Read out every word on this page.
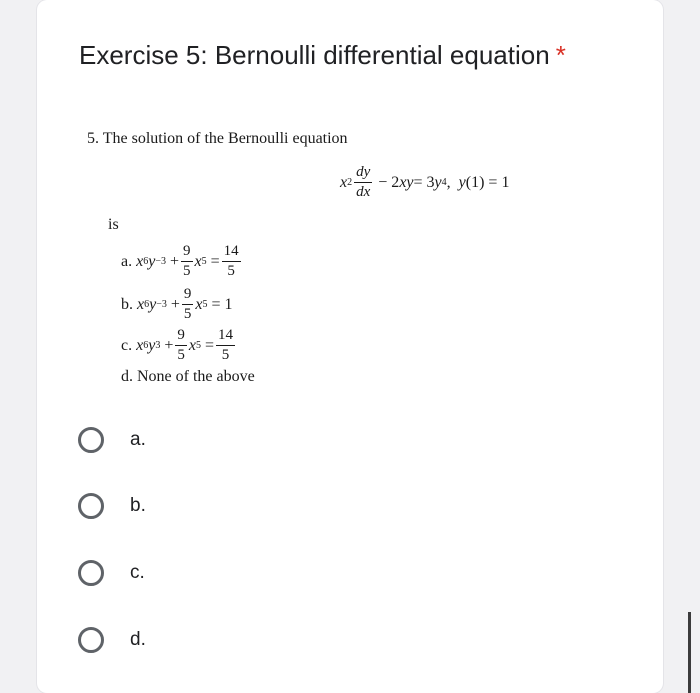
Exercise 5: Bernoulli differential equation *
5. The solution of the Bernoulli equation
x $2 \frac{dy}{dx} - 2$ xy = 3 y 4 , y (1) = 1
is
a.
x 6 $y -3 + \frac{9}{5}$ x $5 = \frac{14}{5}$
b.
x 6 $y -3 + \frac{9}{5}$ x 5 = 1
c.
x 6 y $3 + \frac{9}{5}$ x $5 = \frac{14}{5}$
d.
None of the above
a.
b.
c.
d.
